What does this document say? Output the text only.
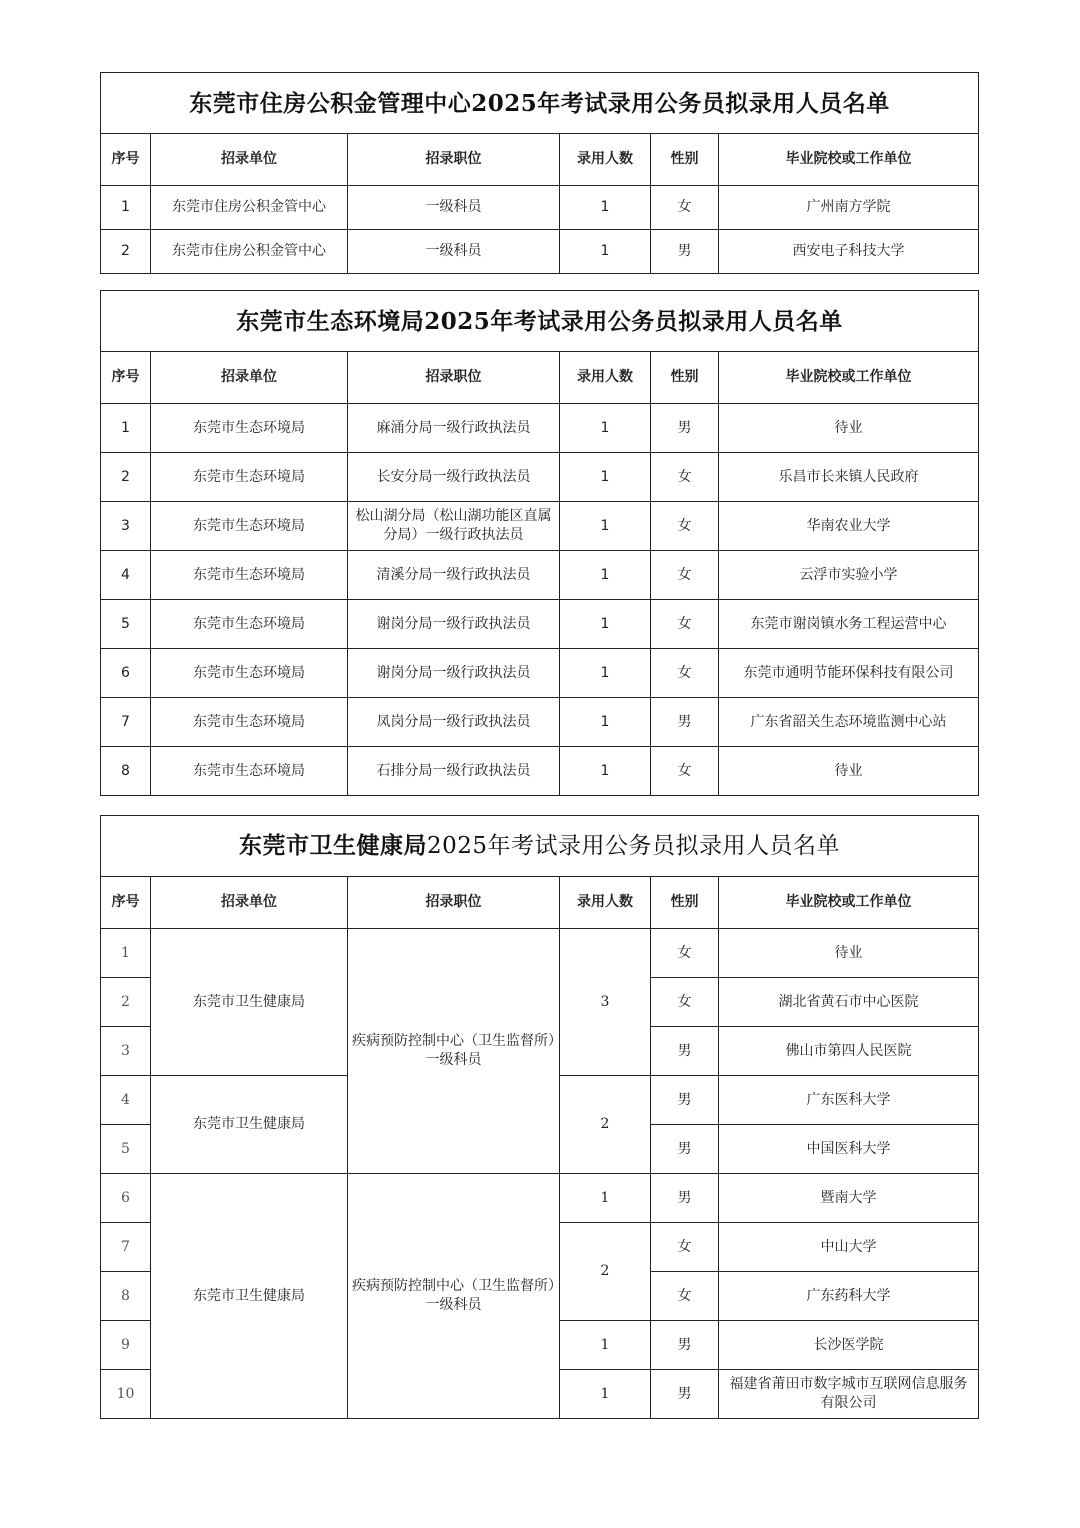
东莞市住房公积金管理中心2025年考试录用公务员拟录用人员名单					
序号	招录单位	招录职位	录用人数	性别	毕业院校或工作单位
1	东莞市住房公积金管中心	一级科员	1	女	广州南方学院
2	东莞市住房公积金管中心	一级科员	1	男	西安电子科技大学
东莞市生态环境局2025年考试录用公务员拟录用人员名单					
序号	招录单位	招录职位	录用人数	性别	毕业院校或工作单位
1	东莞市生态环境局	麻涌分局一级行政执法员	1	男	待业
2	东莞市生态环境局	长安分局一级行政执法员	1	女	乐昌市长来镇人民政府
3	东莞市生态环境局	松山湖分局（松山湖功能区直属分局）一级行政执法员	1	女	华南农业大学
4	东莞市生态环境局	清溪分局一级行政执法员	1	女	云浮市实验小学
5	东莞市生态环境局	谢岗分局一级行政执法员	1	女	东莞市谢岗镇水务工程运营中心
6	东莞市生态环境局	谢岗分局一级行政执法员	1	女	东莞市通明节能环保科技有限公司
7	东莞市生态环境局	凤岗分局一级行政执法员	1	男	广东省韶关生态环境监测中心站
8	东莞市生态环境局	石排分局一级行政执法员	1	女	待业
东莞市卫生健康局2025年考试录用公务员拟录用人员名单					
序号	招录单位	招录职位	录用人数	性别	毕业院校或工作单位
1	东莞市卫生健康局	疾病预防控制中心（卫生监督所）一级科员	3	女	待业
2				女	湖北省黄石市中心医院
3				男	佛山市第四人民医院
4	东莞市卫生健康局		2	男	广东医科大学
5				男	中国医科大学
6	东莞市卫生健康局	疾病预防控制中心（卫生监督所）一级科员	1	男	暨南大学
7			2	女	中山大学
8				女	广东药科大学
9			1	男	长沙医学院
10			1	男	福建省莆田市数字城市互联网信息服务有限公司
